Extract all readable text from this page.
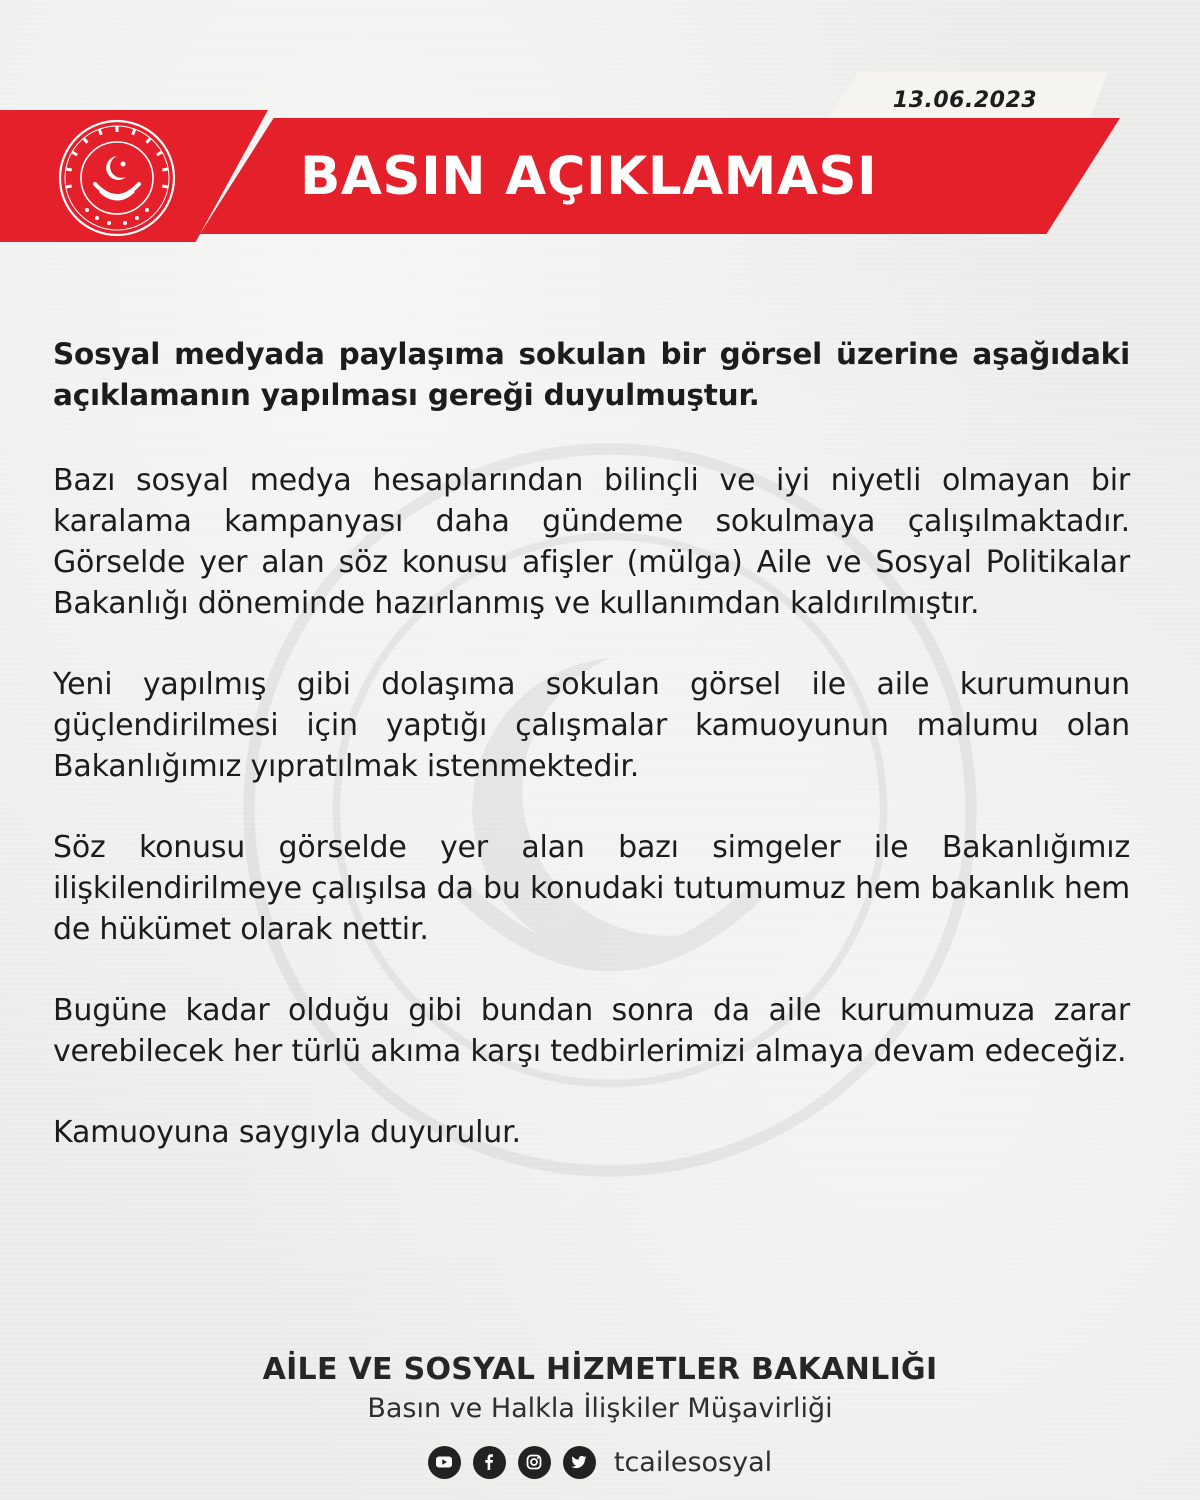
13.06.2023
BASIN AÇIKLAMASI

Sosyal medyada paylaşıma sokulan bir görsel üzerine aşağıdaki açıklamanın yapılması gereği duyulmuştur.

Bazı sosyal medya hesaplarından bilinçli ve iyi niyetli olmayan bir karalama kampanyası daha gündeme sokulmaya çalışılmaktadır. Görselde yer alan söz konusu afişler (mülga) Aile ve Sosyal Politikalar Bakanlığı döneminde hazırlanmış ve kullanımdan kaldırılmıştır.

Yeni yapılmış gibi dolaşıma sokulan görsel ile aile kurumunun güçlendirilmesi için yaptığı çalışmalar kamuoyunun malumu olan Bakanlığımız yıpratılmak istenmektedir.

Söz konusu görselde yer alan bazı simgeler ile Bakanlığımız ilişkilendirilmeye çalışılsa da bu konudaki tutumumuz hem bakanlık hem de hükümet olarak nettir.

Bugüne kadar olduğu gibi bundan sonra da aile kurumumuza zarar verebilecek her türlü akıma karşı tedbirlerimizi almaya devam edeceğiz.

Kamuoyuna saygıyla duyurulur.

AİLE VE SOSYAL HİZMETLER BAKANLIĞI
Basın ve Halkla İlişkiler Müşavirliği
tcailesosyal
